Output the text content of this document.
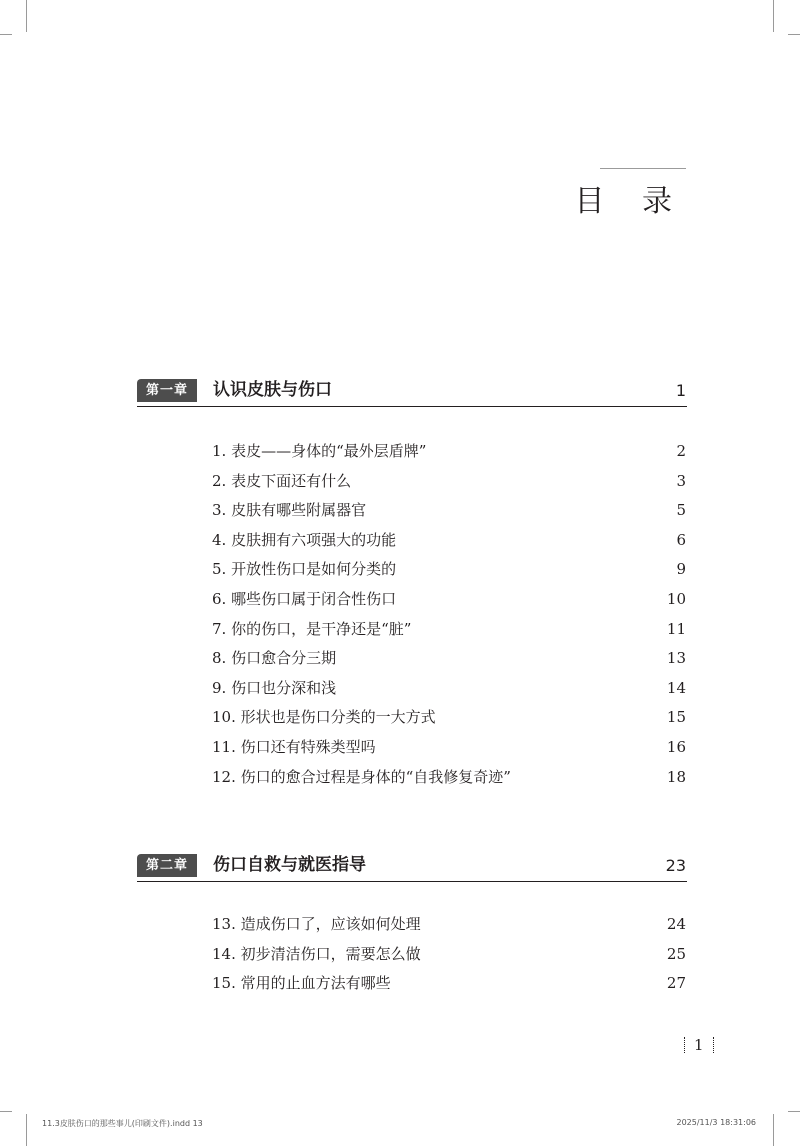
目 录
第一章	认识皮肤与伤口	1
1. 表皮——身体的“最外层盾牌”	2
2. 表皮下面还有什么	3
3. 皮肤有哪些附属器官	5
4. 皮肤拥有六项强大的功能	6
5. 开放性伤口是如何分类的	9
6. 哪些伤口属于闭合性伤口	10
7. 你的伤口，是干净还是“脏”	11
8. 伤口愈合分三期	13
9. 伤口也分深和浅	14
10. 形状也是伤口分类的一大方式	15
11. 伤口还有特殊类型吗	16
12. 伤口的愈合过程是身体的“自我修复奇迹”	18
第二章	伤口自救与就医指导	23
13. 造成伤口了，应该如何处理	24
14. 初步清洁伤口，需要怎么做	25
15. 常用的止血方法有哪些	27
1
11.3皮肤伤口的那些事儿(印刷文件).indd 13	2025/11/3 18:31:06
